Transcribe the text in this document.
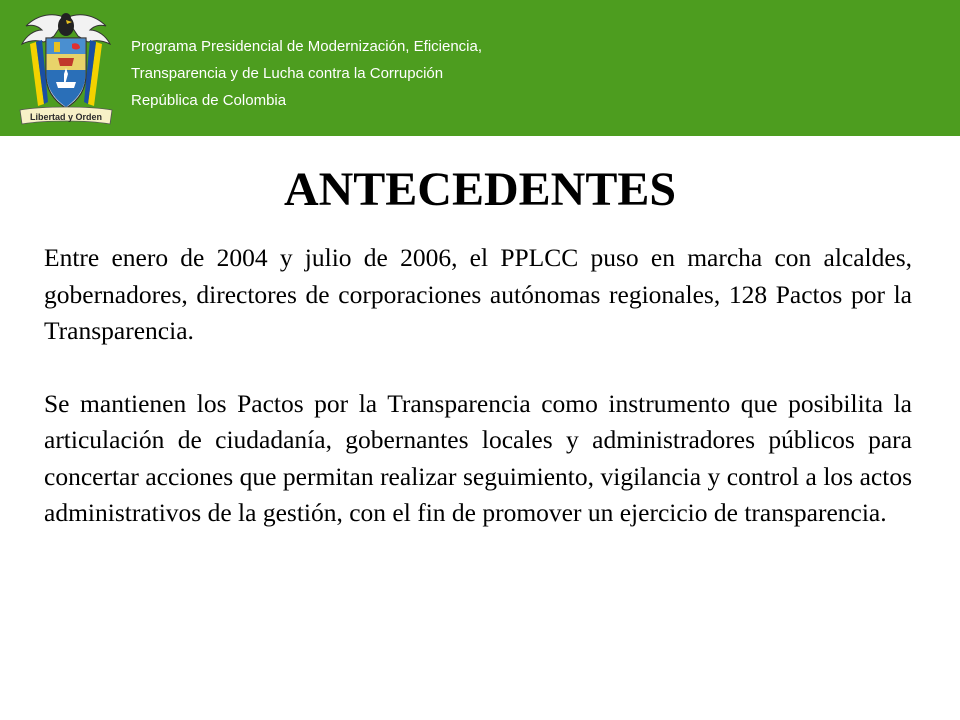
Libertad y Orden
Programa Presidencial de Modernización, Eficiencia,
Transparencia y de Lucha contra la Corrupción
República de Colombia
ANTECEDENTES

Entre enero de 2004 y julio de 2006, el PPLCC puso en marcha con alcaldes, gobernadores, directores de corporaciones autónomas regionales, 128 Pactos por la Transparencia.

Se mantienen los Pactos por la Transparencia como instrumento que posibilita la articulación de ciudadanía, gobernantes locales y administradores públicos para concertar acciones que permitan realizar seguimiento, vigilancia y control a los actos administrativos de la gestión, con el fin de promover un ejercicio de transparencia.
